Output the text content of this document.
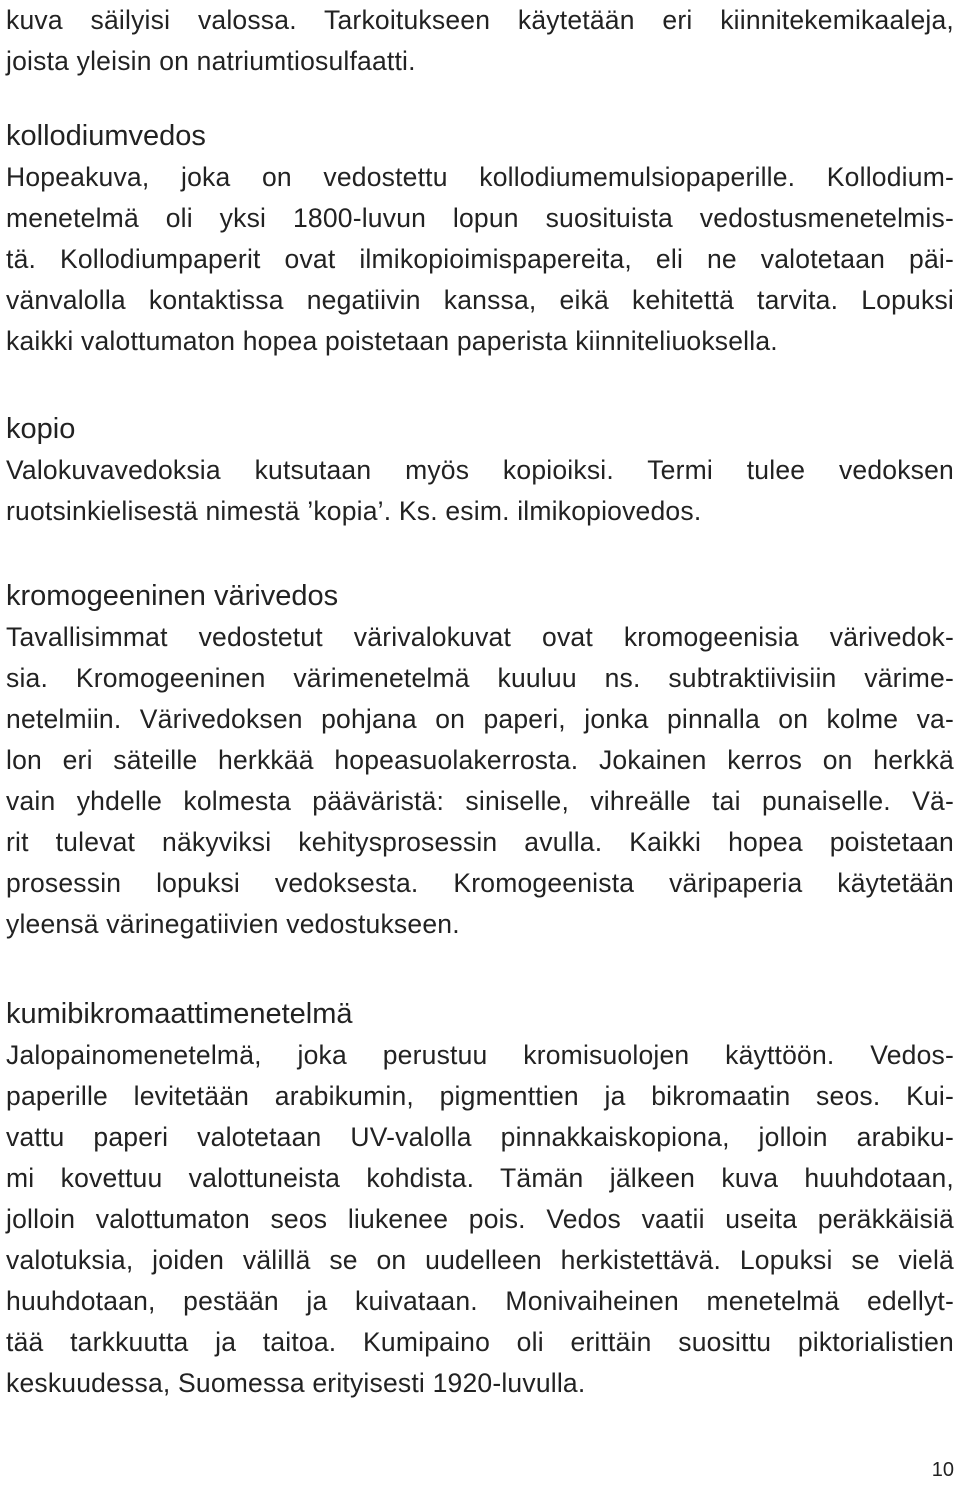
kuva säilyisi valossa. Tarkoitukseen käytetään eri kiinnitekemikaaleja,
joista yleisin on natriumtiosulfaatti.
kollodiumvedos
Hopeakuva, joka on vedostettu kollodiumemulsiopaperille. Kollodium-
menetelmä oli yksi 1800-luvun lopun suosituista vedostusmenetelmis-
tä. Kollodiumpaperit ovat ilmikopioimispapereita, eli ne valotetaan päi-
vänvalolla kontaktissa negatiivin kanssa, eikä kehitettä tarvita. Lopuksi
kaikki valottumaton hopea poistetaan paperista kiinniteliuoksella.
kopio
Valokuvavedoksia kutsutaan myös kopioiksi. Termi tulee vedoksen
ruotsinkielisestä nimestä ’kopia’. Ks. esim. ilmikopiovedos.
kromogeeninen värivedos
Tavallisimmat vedostetut värivalokuvat ovat kromogeenisia värivedok-
sia. Kromogeeninen värimenetelmä kuuluu ns. subtraktiivisiin värime-
netelmiin. Värivedoksen pohjana on paperi, jonka pinnalla on kolme va-
lon eri säteille herkkää hopeasuolakerrosta. Jokainen kerros on herkkä
vain yhdelle kolmesta pääväristä: siniselle, vihreälle tai punaiselle. Vä-
rit tulevat näkyviksi kehitysprosessin avulla. Kaikki hopea poistetaan
prosessin lopuksi vedoksesta. Kromogeenista väripaperia käytetään
yleensä värinegatiivien vedostukseen.
kumibikromaattimenetelmä
Jalopainomenetelmä, joka perustuu kromisuolojen käyttöön. Vedos-
paperille levitetään arabikumin, pigmenttien ja bikromaatin seos. Kui-
vattu paperi valotetaan UV-valolla pinnakkaiskopiona, jolloin arabiku-
mi kovettuu valottuneista kohdista. Tämän jälkeen kuva huuhdotaan,
jolloin valottumaton seos liukenee pois. Vedos vaatii useita peräkkäisiä
valotuksia, joiden välillä se on uudelleen herkistettävä. Lopuksi se vielä
huuhdotaan, pestään ja kuivataan. Monivaiheinen menetelmä edellyt-
tää tarkkuutta ja taitoa. Kumipaino oli erittäin suosittu piktorialistien
keskuudessa, Suomessa erityisesti 1920-luvulla.
10
